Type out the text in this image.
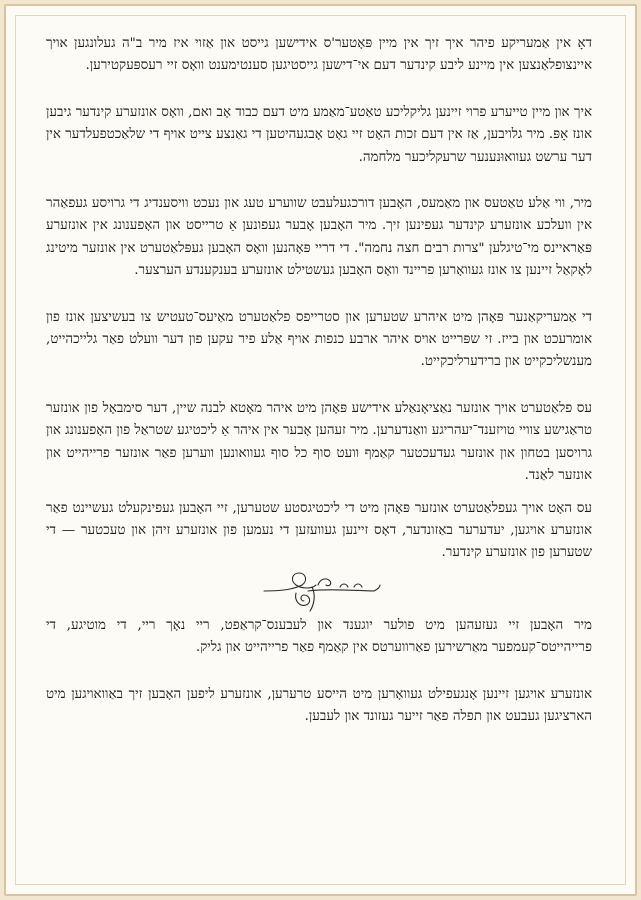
דאָ אין אַמעריקע פיהר איך זיך אין מיין פּאָטער'ס אידישען גייסט און אַזוי איז מיר ב"ה געלונגען אויך איינצופלאַנצען אין מיינע ליבע קינדער דעם אי־דישען גייסטיגען סענטימענט וואָס זיי רעספּעקטירען.

איך און מיין טייערע פרוי זיינען גליקליכע טאַטע־מאַמע מיט דעם כבוד אָב ואם, וואָס אונזערע קינדער גיבען אונז אָפּ. מיר גלויבען, אַז אין דעם זכות האָט זיי גאָט אָבגעהיטען די גאַנצע צייט אויף די שלאַכטפעלדער אין דער ערשט געוואוּנענער שרעקליכער מלחמה.

מיר, ווי אַלע טאַטעס און מאַמעס, האָבען דורכגעלעבט שווערע טעג און נעכט וויסענדיג די גרויסע געפאַהר אין וועלכע אונזערע קינדער געפינען זיך. מיר האָבען אָבער געפונען אַ טרייסט און האָפענונג אין אונזערע פּאַראיינס מי־טיגלען "צרות רבים חצה נחמה". די דריי פּאָהנען וואָס האָבען געפּלאַטערט אין אונזער מיטינג לאָקאַל זיינען צו אונז געוואָרען פריינד וואָס האָבען געשטילט אונזערע בענקענדע הערצער.

די אַמעריקאַנער פּאָהן מיט איהרע שטערען און סטרייפס פלאַטערט מאַיעס־טעטיש צו בעשיצען אונז פון אומרעכט און בייז. זי שפּרייט אויס איהר ארבע כנפות אויף אַלע פיר עקען פון דער וועלט פאַר גלייכהייט, מענשליכקייט און ברידערליכקייט.

עס פלאַטערט אויך אונזער נאַציאָנאַלע אידישע פּאָהן מיט איהר מאָטא לבנה שיין, דער סימבאָל פון אונזער טראַגישע צוויי טויזענד־יעהריגע וואַנדערען. מיר זעהען אָבער אין איהר אַ ליכטיגע שטראַל פון האָפענונג און גרויסען בטחון און אונזער געדעכטער קאַמף וועט סוף כל סוף געוואונען ווערען פאַר אונזער פרייהייט און אונזער לאַנד.

עס האָט אויך געפלאַטערט אונזער פּאָהן מיט די ליכטיגסטע שטערען, זיי האָבען געפינקעלט געשיינט פאַר אונזערע אויגען, יעדערער באַזונדער, דאָס זיינען געוועזען די נעמען פון אונזערע זיהן און טעכטער — די שטערען פון אונזערע קינדער.

מיר האָבען זיי געזעהען מיט פולער יוגענד און לעבענס־קראַפט, ריי נאָך ריי, די מוטיגע, די פרייהייטס־קעמפער מאַרשירען פאַרווערטס אין קאַמף פאַר פרייהייט און גליק.

אונזערע אויגען זיינען אָנגעפילט געוואָרען מיט הייסע טרערען, אונזערע ליפען האָבען זיך באַוואויגען מיט הארציגען געבעט און תפלה פאַר זייער געזונד און לעבען.
